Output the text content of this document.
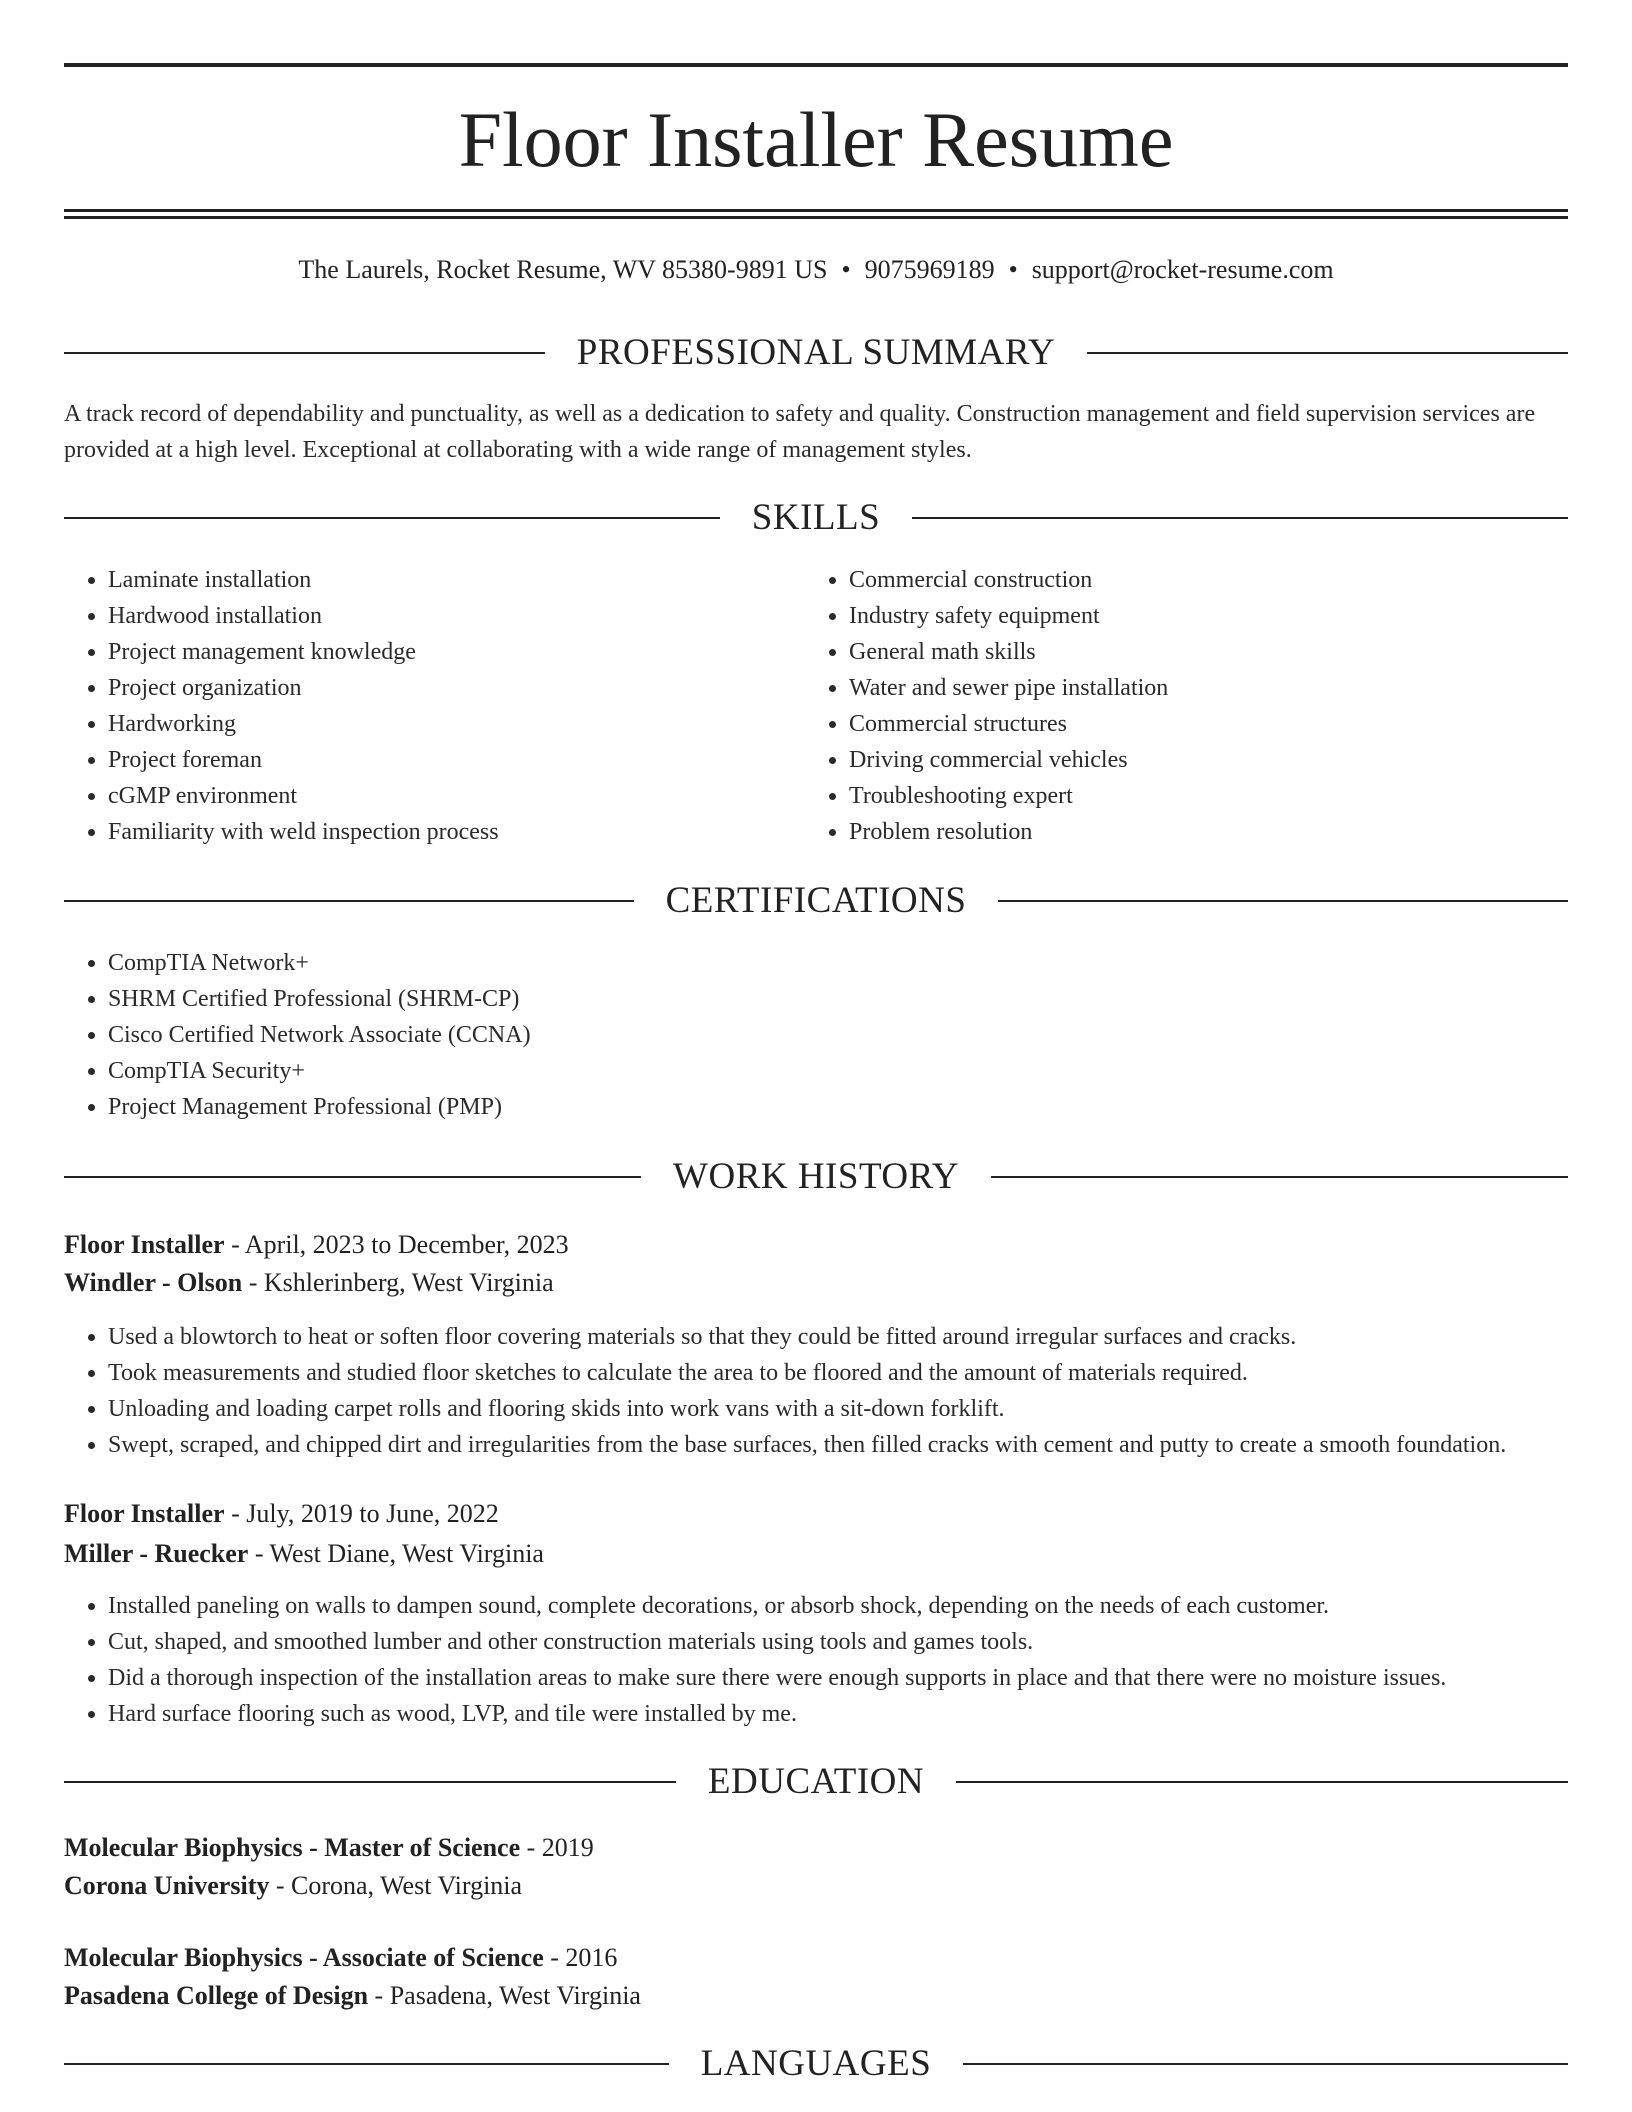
Floor Installer Resume
The Laurels, Rocket Resume, WV 85380-9891 US • 9075969189 • support@rocket-resume.com
PROFESSIONAL SUMMARY
A track record of dependability and punctuality, as well as a dedication to safety and quality. Construction management and field supervision services are provided at a high level. Exceptional at collaborating with a wide range of management styles.
SKILLS
• Laminate installation
• Hardwood installation
• Project management knowledge
• Project organization
• Hardworking
• Project foreman
• cGMP environment
• Familiarity with weld inspection process
• Commercial construction
• Industry safety equipment
• General math skills
• Water and sewer pipe installation
• Commercial structures
• Driving commercial vehicles
• Troubleshooting expert
• Problem resolution
CERTIFICATIONS
• CompTIA Network+
• SHRM Certified Professional (SHRM-CP)
• Cisco Certified Network Associate (CCNA)
• CompTIA Security+
• Project Management Professional (PMP)
WORK HISTORY
Floor Installer - April, 2023 to December, 2023
Windler - Olson - Kshlerinberg, West Virginia
• Used a blowtorch to heat or soften floor covering materials so that they could be fitted around irregular surfaces and cracks.
• Took measurements and studied floor sketches to calculate the area to be floored and the amount of materials required.
• Unloading and loading carpet rolls and flooring skids into work vans with a sit-down forklift.
• Swept, scraped, and chipped dirt and irregularities from the base surfaces, then filled cracks with cement and putty to create a smooth foundation.
Floor Installer - July, 2019 to June, 2022
Miller - Ruecker - West Diane, West Virginia
• Installed paneling on walls to dampen sound, complete decorations, or absorb shock, depending on the needs of each customer.
• Cut, shaped, and smoothed lumber and other construction materials using tools and games tools.
• Did a thorough inspection of the installation areas to make sure there were enough supports in place and that there were no moisture issues.
• Hard surface flooring such as wood, LVP, and tile were installed by me.
EDUCATION
Molecular Biophysics - Master of Science - 2019
Corona University - Corona, West Virginia
Molecular Biophysics - Associate of Science - 2016
Pasadena College of Design - Pasadena, West Virginia
LANGUAGES
